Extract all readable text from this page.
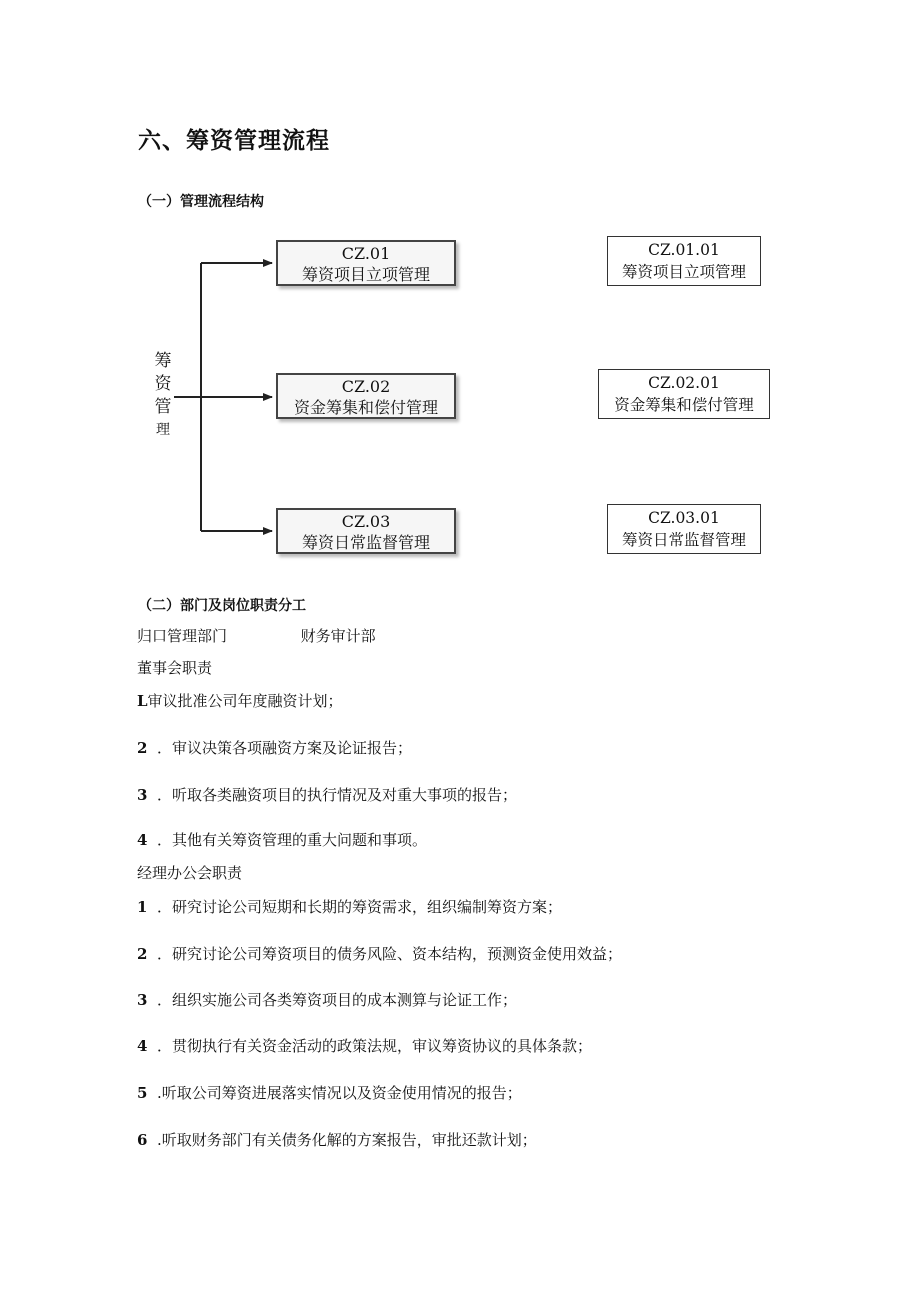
六、筹资管理流程
（一）管理流程结构
筹
资
管
理
CZ.01
筹资项目立项管理
CZ.02
资金筹集和偿付管理
CZ.03
筹资日常监督管理
CZ.01.01
筹资项目立项管理
CZ.02.01
资金筹集和偿付管理
CZ.03.01
筹资日常监督管理
（二）部门及岗位职责分工
归口管理部门	财务审计部
董事会职责
L审议批准公司年度融资计划；
2 ．审议决策各项融资方案及论证报告；
3 ．听取各类融资项目的执行情况及对重大事项的报告；
4 ．其他有关筹资管理的重大问题和事项。
经理办公会职责
1 ．研究讨论公司短期和长期的筹资需求，组织编制筹资方案；
2 ．研究讨论公司筹资项目的债务风险、资本结构，预测资金使用效益；
3 ．组织实施公司各类筹资项目的成本测算与论证工作；
4 ．贯彻执行有关资金活动的政策法规，审议筹资协议的具体条款；
5 .听取公司筹资进展落实情况以及资金使用情况的报告；
6 .听取财务部门有关债务化解的方案报告，审批还款计划；
